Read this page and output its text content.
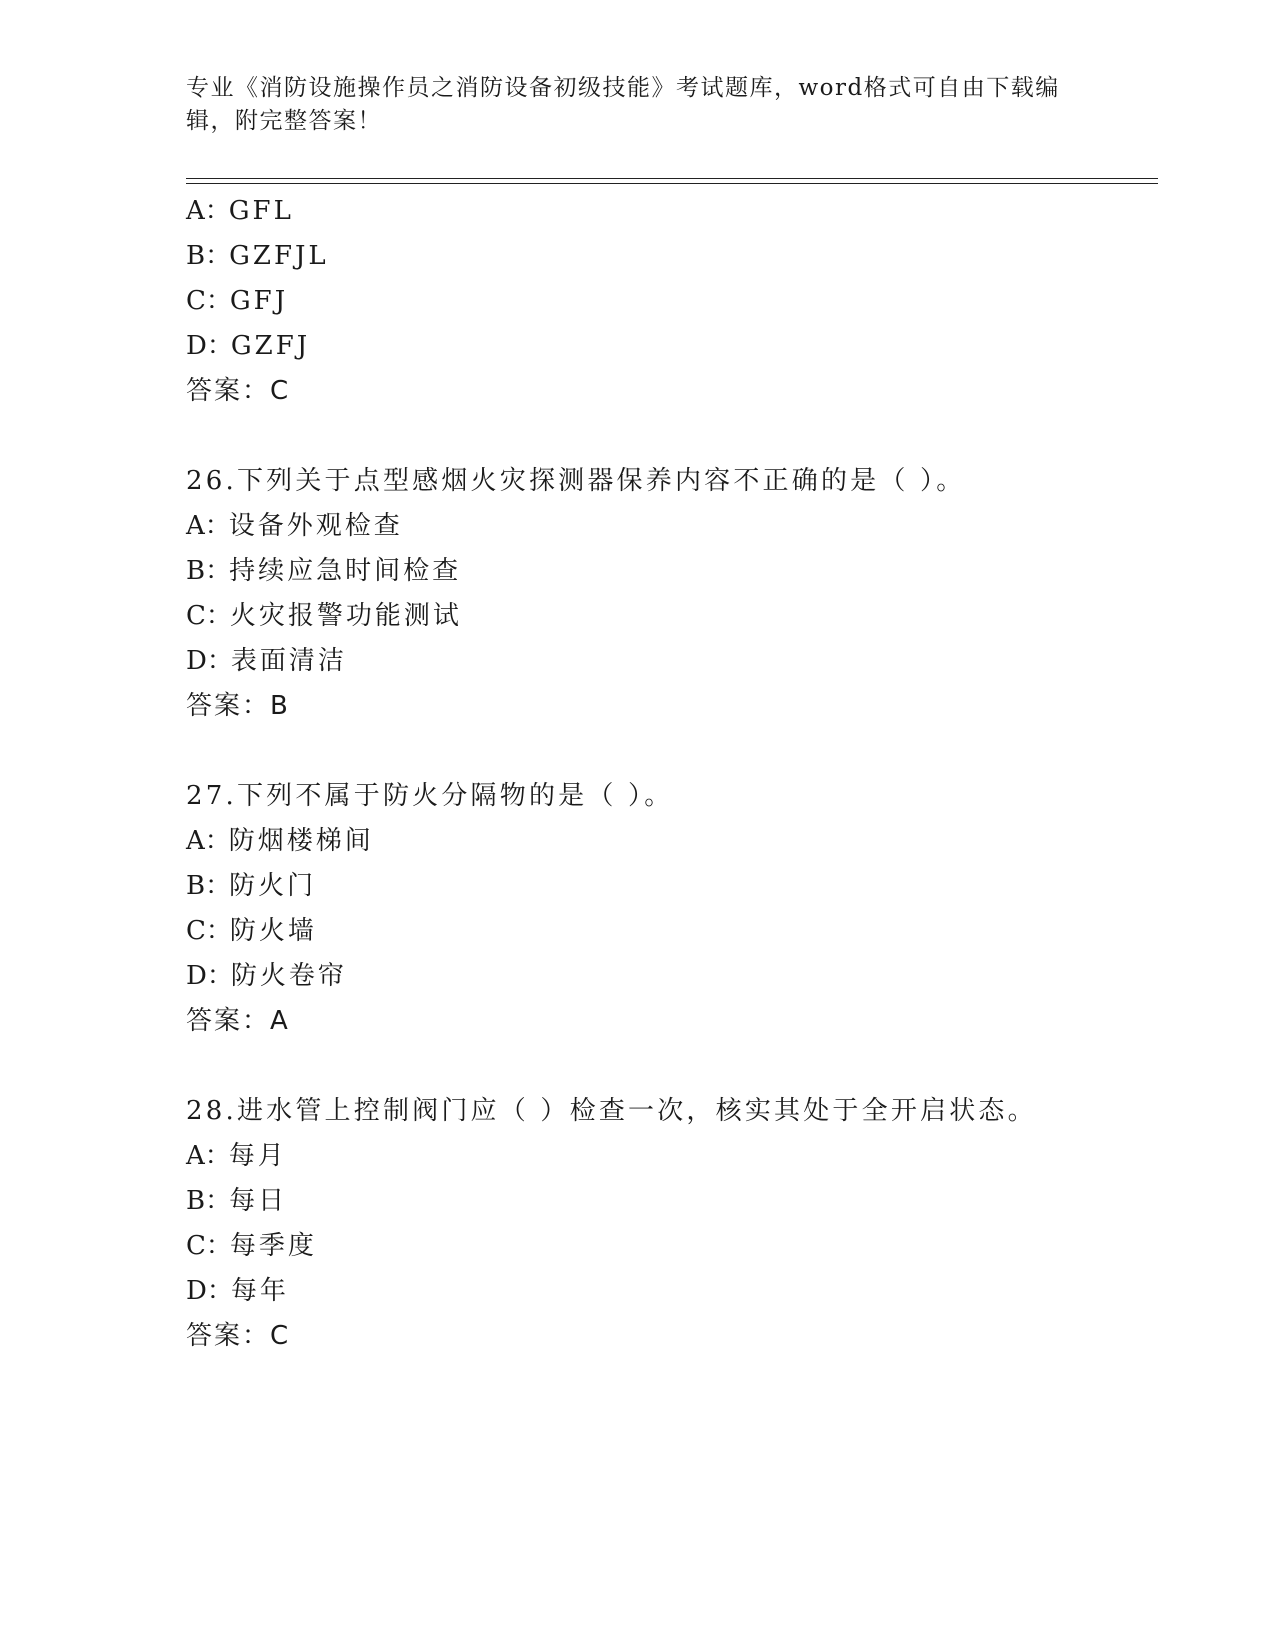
专业《消防设施操作员之消防设备初级技能》考试题库，word格式可自由下载编
辑，附完整答案！
A：GFL
B：GZFJL
C：GFJ
D：GZFJ
答案：C
26.下列关于点型感烟火灾探测器保养内容不正确的是（ ）。
A：设备外观检查
B：持续应急时间检查
C：火灾报警功能测试
D：表面清洁
答案：B
27.下列不属于防火分隔物的是（ ）。
A：防烟楼梯间
B：防火门
C：防火墙
D：防火卷帘
答案：A
28.进水管上控制阀门应（ ）检查一次，核实其处于全开启状态。
A：每月
B：每日
C：每季度
D：每年
答案：C
